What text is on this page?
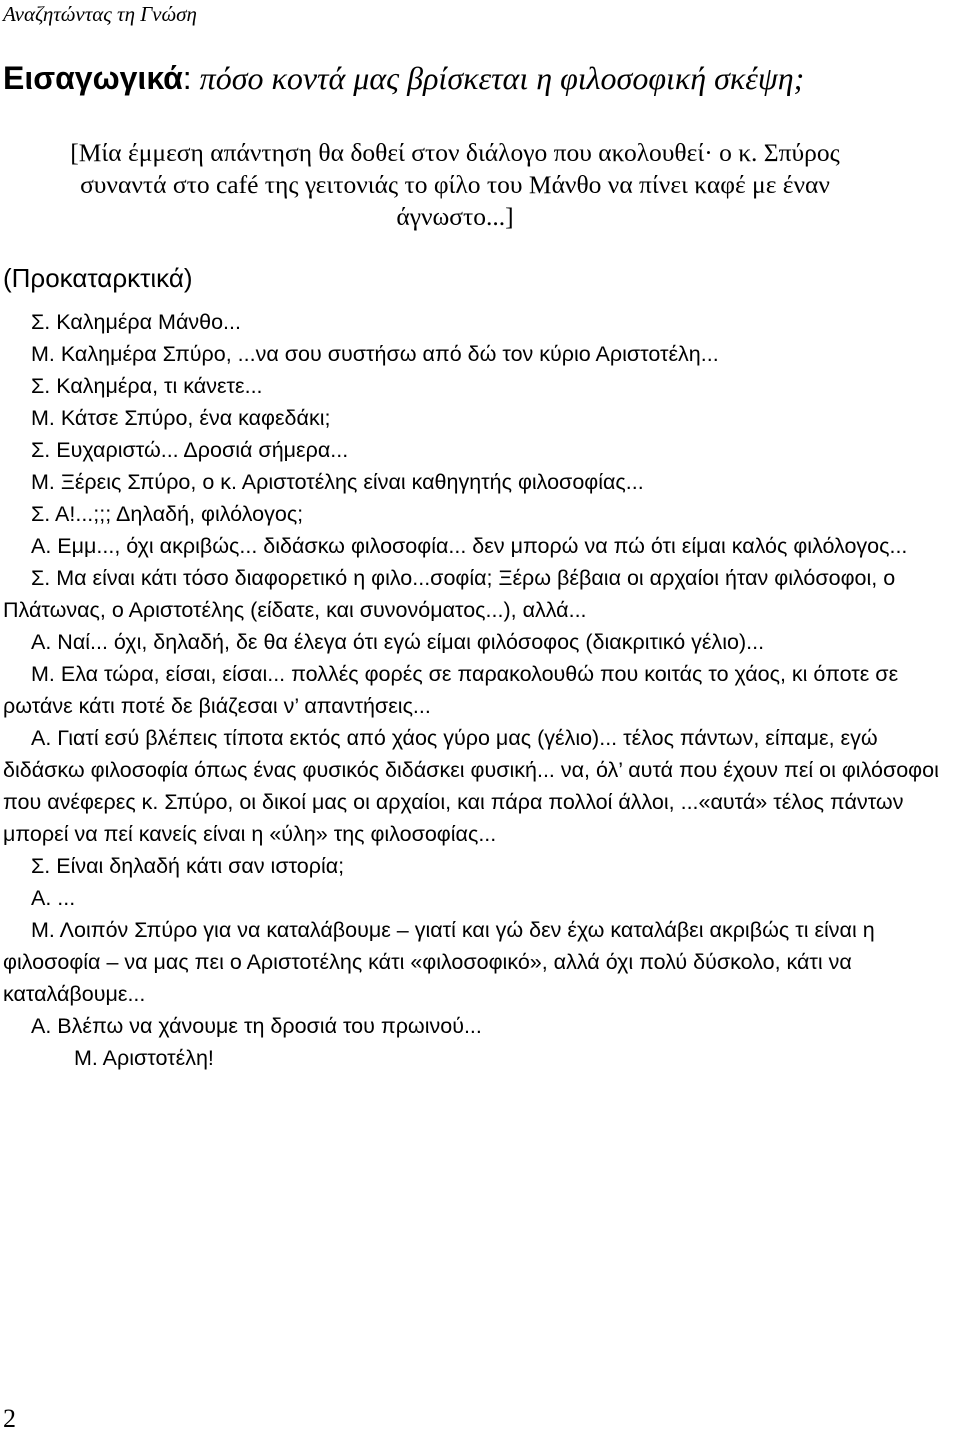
Αναζητώντας τη Γνώση
Εισαγωγικά: πόσο κοντά μας βρίσκεται η φιλοσοφική σκέψη;
[Μία έμμεση απάντηση θα δοθεί στον διάλογο που ακολουθεί· ο κ. Σπύρος
συναντά στο café της γειτονιάς το φίλο του Μάνθο να πίνει καφέ με έναν
άγνωστο...]
(Προκαταρκτικά)
Σ. Καλημέρα Μάνθο...
Μ. Καλημέρα Σπύρο, ...να σου συστήσω από δώ τον κύριο Αριστοτέλη...
Σ. Καλημέρα, τι κάνετε...
Μ. Κάτσε Σπύρο, ένα καφεδάκι;
Σ. Ευχαριστώ... Δροσιά σήμερα...
Μ. Ξέρεις Σπύρο, ο κ. Αριστοτέλης είναι καθηγητής φιλοσοφίας...
Σ. Α!...;;; Δηλαδή, φιλόλογος;
Α. Εμμ..., όχι ακριβώς... διδάσκω φιλοσοφία... δεν μπορώ να πώ ότι είμαι καλός φιλόλογος...
Σ. Μα είναι κάτι τόσο διαφορετικό η φιλο...σοφία; Ξέρω βέβαια οι αρχαίοι ήταν φιλόσοφοι, ο Πλάτωνας, ο Αριστοτέλης (είδατε, και συνονόματος...), αλλά...
Α. Ναί... όχι, δηλαδή, δε θα έλεγα ότι εγώ είμαι φιλόσοφος (διακριτικό γέλιο)...
Μ. Ελα τώρα, είσαι, είσαι... πολλές φορές σε παρακολουθώ που κοιτάς το χάος, κι όποτε σε ρωτάνε κάτι ποτέ δε βιάζεσαι ν’ απαντήσεις...
Α. Γιατί εσύ βλέπεις τίποτα εκτός από χάος γύρο μας (γέλιο)... τέλος πάντων, είπαμε, εγώ διδάσκω φιλοσοφία όπως ένας φυσικός διδάσκει φυσική... να, όλ’ αυτά που έχουν πεί οι φιλόσοφοι που ανέφερες κ. Σπύρο, οι δικοί μας οι αρχαίοι, και πάρα πολλοί άλλοι, ...«αυτά» τέλος πάντων μπορεί να πεί κανείς είναι η «ύλη» της φιλοσοφίας...
Σ. Είναι δηλαδή κάτι σαν ιστορία;
Α. ...
Μ. Λοιπόν Σπύρο για να καταλάβουμε – γιατί και γώ δεν έχω καταλάβει ακριβώς τι είναι η φιλοσοφία – να μας πει ο Αριστοτέλης κάτι «φιλοσοφικό», αλλά όχι πολύ δύσκολο, κάτι να καταλάβουμε...
Α. Βλέπω να χάνουμε τη δροσιά του πρωινού...
Μ. Αριστοτέλη!
2
